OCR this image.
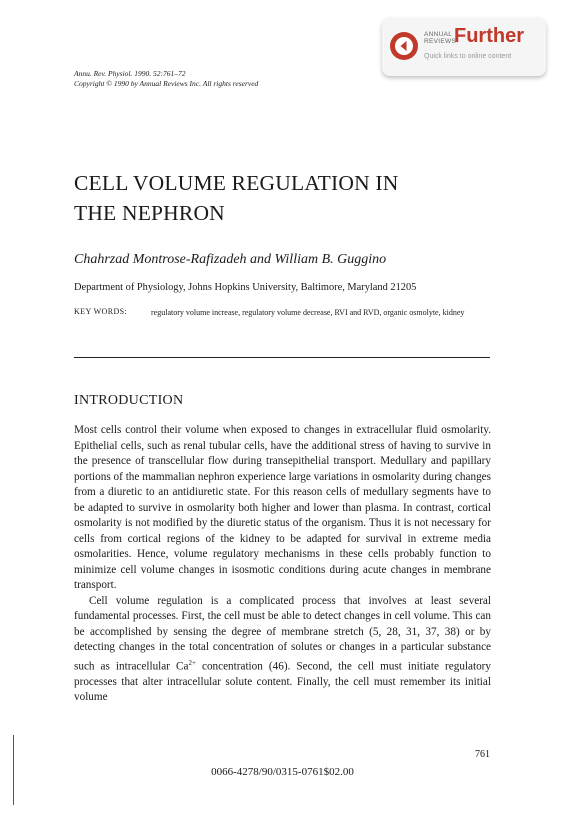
ANNUAL
REVIEWS
Further
Quick links to online content
Annu. Rev. Physiol. 1990. 52:761–72
Copyright © 1990 by Annual Reviews Inc. All rights reserved
CELL VOLUME REGULATION IN
THE NEPHRON
Chahrzad Montrose-Rafizadeh and William B. Guggino
Department of Physiology, Johns Hopkins University, Baltimore, Maryland 21205
KEY WORDS:	regulatory volume increase, regulatory volume decrease, RVI and RVD, organic osmolyte, kidney
INTRODUCTION

Most cells control their volume when exposed to changes in extracellular fluid osmolarity. Epithelial cells, such as renal tubular cells, have the additional stress of having to survive in the presence of transcellular flow during transepithelial transport. Medullary and papillary portions of the mammalian nephron experience large variations in osmolarity during changes from a diuretic to an antidiuretic state. For this reason cells of medullary segments have to be adapted to survive in osmolarity both higher and lower than plasma. In contrast, cortical osmolarity is not modified by the diuretic status of the organism. Thus it is not necessary for cells from cortical regions of the kidney to be adapted for survival in extreme media osmolarities. Hence, volume regulatory mechanisms in these cells probably function to minimize cell volume changes in isosmotic conditions during acute changes in membrane transport.

Cell volume regulation is a complicated process that involves at least several fundamental processes. First, the cell must be able to detect changes in cell volume. This can be accomplished by sensing the degree of membrane stretch (5, 28, 31, 37, 38) or by detecting changes in the total concentration of solutes or changes in a particular substance such as intracellular $Ca^{2+}$ concentration (46). Second, the cell must initiate regulatory processes that alter intracellular solute content. Finally, the cell must remember its initial volume

761
0066-4278/90/0315-0761$02.00
